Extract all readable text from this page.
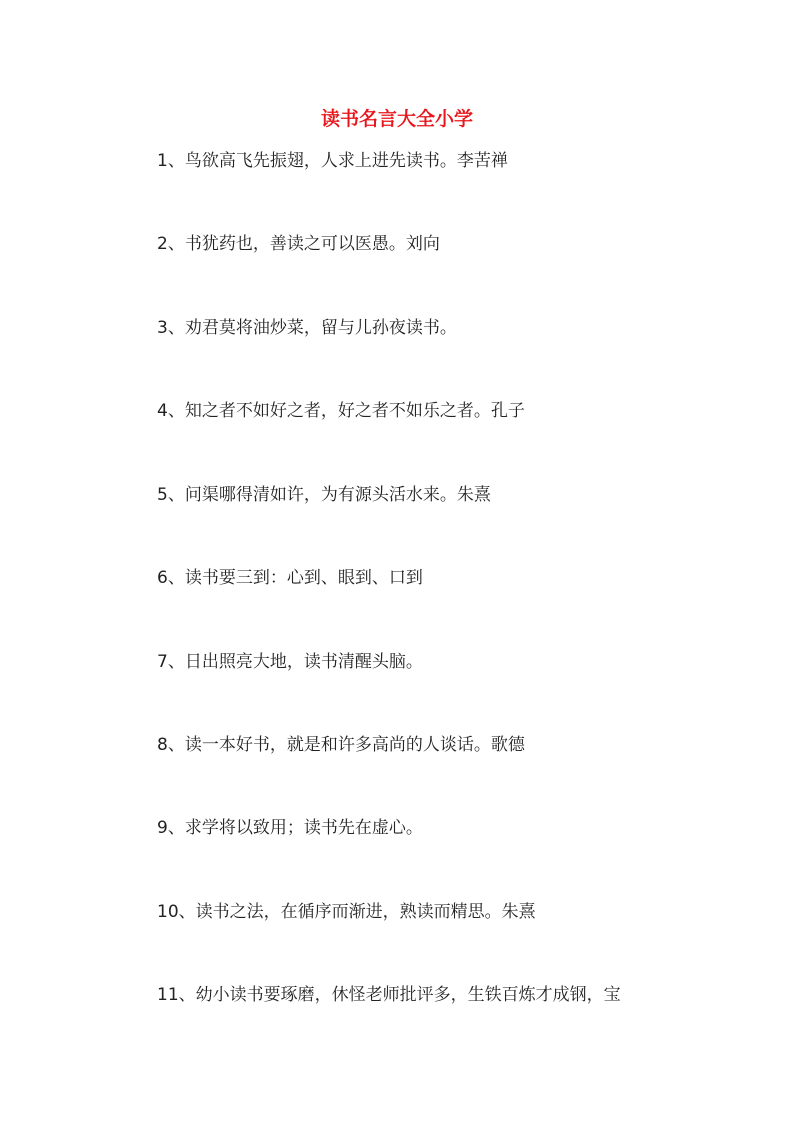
读书名言大全小学
1、鸟欲高飞先振翅，人求上进先读书。李苦禅
2、书犹药也，善读之可以医愚。刘向
3、劝君莫将油炒菜，留与儿孙夜读书。
4、知之者不如好之者，好之者不如乐之者。孔子
5、问渠哪得清如许，为有源头活水来。朱熹
6、读书要三到：心到、眼到、口到
7、日出照亮大地，读书清醒头脑。
8、读一本好书，就是和许多高尚的人谈话。歌德
9、求学将以致用；读书先在虚心。
10、读书之法，在循序而渐进，熟读而精思。朱熹
11、幼小读书要琢磨，休怪老师批评多，生铁百炼才成钢，宝
